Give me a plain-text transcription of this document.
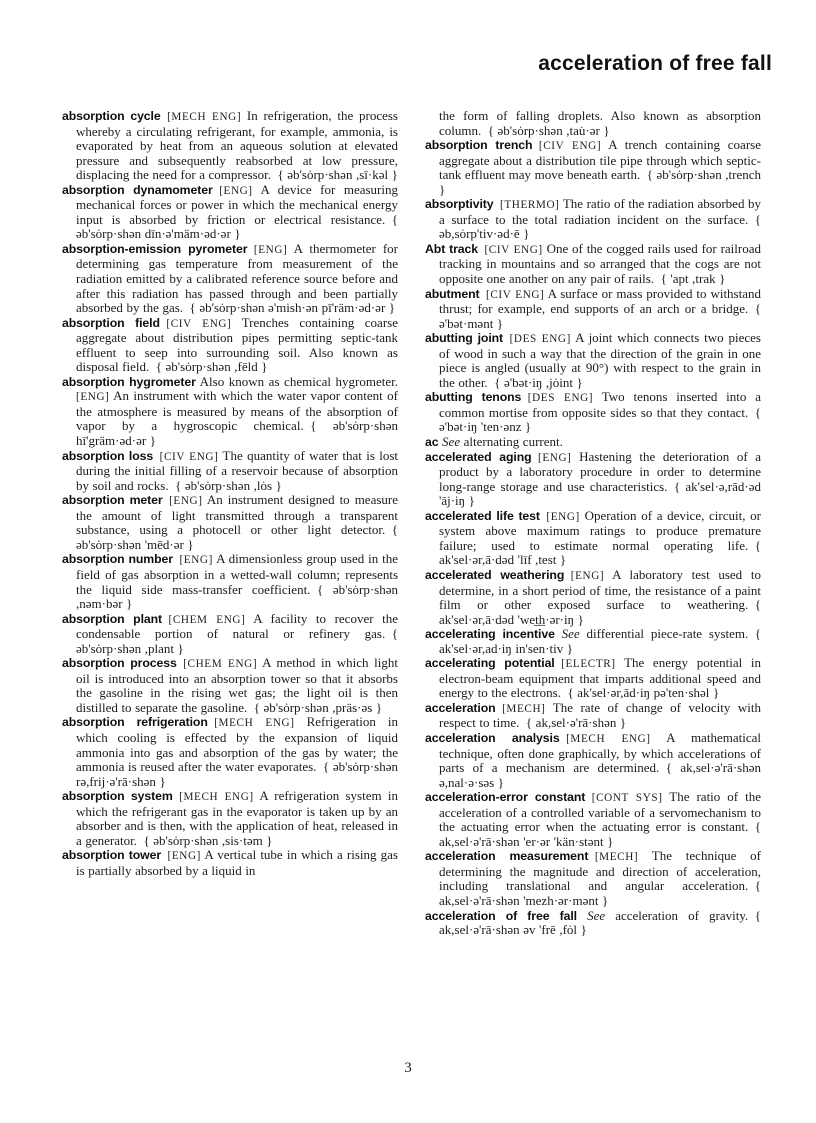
acceleration of free fall

absorption cycle  [MECH ENG] In refrigeration, the process whereby a circulating refrigerant, for example, ammonia, is evaporated by heat from an aqueous solution at elevated pressure and subsequently reabsorbed at low pressure, displacing the need for a compressor.  { əb'sȯrp·shən ,sī·kəl }

absorption dynamometer  [ENG] A device for measuring mechanical forces or power in which the mechanical energy input is absorbed by friction or electrical resistance.  { əb'sȯrp·shən dīn·ə'mäm·əd·ər }

absorption-emission pyrometer  [ENG] A thermometer for determining gas temperature from measurement of the radiation emitted by a calibrated reference source before and after this radiation has passed through and been partially absorbed by the gas.  { əb'sȯrp·shən ə'mish·ən pī'räm·əd·ər }

absorption field  [CIV ENG] Trenches containing coarse aggregate about distribution pipes permitting septic-tank effluent to seep into surrounding soil. Also known as disposal field.  { əb'sȯrp·shən ,fēld }

absorption hygrometer Also known as chemical hygrometer. [ENG] An instrument with which the water vapor content of the atmosphere is measured by means of the absorption of vapor by a hygroscopic chemical.  { əb'sȯrp·shən hī'gräm·əd·ər }

absorption loss  [CIV ENG] The quantity of water that is lost during the initial filling of a reservoir because of absorption by soil and rocks.  { əb'sȯrp·shən ,lȯs }

absorption meter  [ENG] An instrument designed to measure the amount of light transmitted through a transparent substance, using a photocell or other light detector.  { əb'sȯrp·shən 'mēd·ər }

absorption number  [ENG] A dimensionless group used in the field of gas absorption in a wetted-wall column; represents the liquid side mass-transfer coefficient.  { əb'sȯrp·shən ,nəm·bər }

absorption plant  [CHEM ENG] A facility to recover the condensable portion of natural or refinery gas.  { əb'sȯrp·shən ,plant }

absorption process  [CHEM ENG] A method in which light oil is introduced into an absorption tower so that it absorbs the gasoline in the rising wet gas; the light oil is then distilled to separate the gasoline.  { əb'sȯrp·shən ,präs·əs }

absorption refrigeration  [MECH ENG] Refrigeration in which cooling is effected by the expansion of liquid ammonia into gas and absorption of the gas by water; the ammonia is reused after the water evaporates.  { əb'sȯrp·shən rə,frij·ə'rā·shən }

absorption system  [MECH ENG] A refrigeration system in which the refrigerant gas in the evaporator is taken up by an absorber and is then, with the application of heat, released in a generator.  { əb'sȯrp·shən ,sis·təm }

absorption tower  [ENG] A vertical tube in which a rising gas is partially absorbed by a liquid in

the form of falling droplets. Also known as absorption column.  { əb'sȯrp·shən ,tau̇·ər }

absorption trench  [CIV ENG] A trench containing coarse aggregate about a distribution tile pipe through which septic-tank effluent may move beneath earth.  { əb'sȯrp·shən ,trench }

absorptivity  [THERMO] The ratio of the radiation absorbed by a surface to the total radiation incident on the surface.  { əb,sȯrp'tiv·əd·ē }

Abt track  [CIV ENG] One of the cogged rails used for railroad tracking in mountains and so arranged that the cogs are not opposite one another on any pair of rails.  { 'apt ,trak }

abutment  [CIV ENG] A surface or mass provided to withstand thrust; for example, end supports of an arch or a bridge.  { ə'bət·mənt }

abutting joint  [DES ENG] A joint which connects two pieces of wood in such a way that the direction of the grain in one piece is angled (usually at 90°) with respect to the grain in the other.  { ə'bət·iŋ ,jȯint }

abutting tenons  [DES ENG] Two tenons inserted into a common mortise from opposite sides so that they contact.  { ə'bət·iŋ 'ten·ənz }

ac See alternating current.

accelerated aging  [ENG] Hastening the deterioration of a product by a laboratory procedure in order to determine long-range storage and use characteristics.  { ak'sel·ə,rād·əd 'āj·iŋ }

accelerated life test  [ENG] Operation of a device, circuit, or system above maximum ratings to produce premature failure; used to estimate normal operating life.  { ak'sel·ər,ā·dəd 'līf ,test }

accelerated weathering  [ENG] A laboratory test used to determine, in a short period of time, the resistance of a paint film or other exposed surface to weathering.  { ak'sel·ər,ā·dəd 'wet̲h̲·ər·iŋ }

accelerating incentive See differential piece-rate system.  { ak'sel·ər,ad·iŋ in'sen·tiv }

accelerating potential  [ELECTR] The energy potential in electron-beam equipment that imparts additional speed and energy to the electrons.  { ak'sel·ər,ād·iŋ pə'ten·shəl }

acceleration  [MECH] The rate of change of velocity with respect to time.  { ak,sel·ə'rā·shən }

acceleration analysis  [MECH ENG] A mathematical technique, often done graphically, by which accelerations of parts of a mechanism are determined.  { ak,sel·ə'rā·shən ə,nal·ə·səs }

acceleration-error constant  [CONT SYS] The ratio of the acceleration of a controlled variable of a servomechanism to the actuating error when the actuating error is constant.  { ak,sel·ə'rā·shən 'er·ər 'kän·stənt }

acceleration measurement  [MECH] The technique of determining the magnitude and direction of acceleration, including translational and angular acceleration.  { ak,sel·ə'rā·shən 'mezh·ər·mənt }

acceleration of free fall See acceleration of gravity.  { ak,sel·ə'rā·shən əv 'frē ,fȯl }

3
